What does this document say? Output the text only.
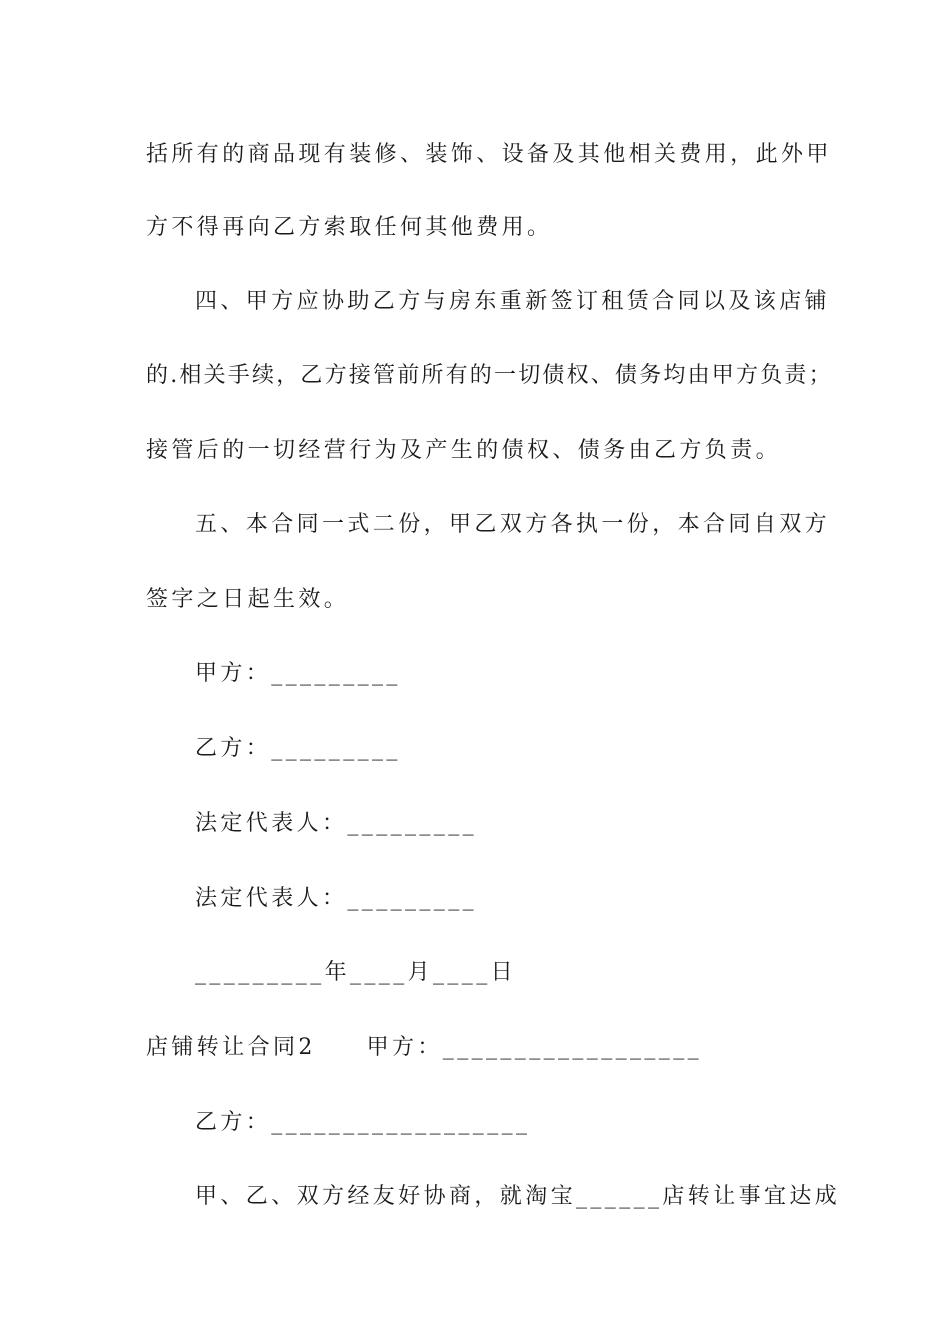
括所有的商品现有装修、装饰、设备及其他相关费用，此外甲
方不得再向乙方索取任何其他费用。
四、甲方应协助乙方与房东重新签订租赁合同以及该店铺
的.相关手续，乙方接管前所有的一切债权、债务均由甲方负责；
接管后的一切经营行为及产生的债权、债务由乙方负责。
五、本合同一式二份，甲乙双方各执一份，本合同自双方
签字之日起生效。
甲方：_________
乙方：_________
法定代表人：_________
法定代表人：_________
_________年____月____日
店铺转让合同2　　甲方：__________________
乙方：__________________
甲、乙、双方经友好协商，就淘宝______店转让事宜达成
